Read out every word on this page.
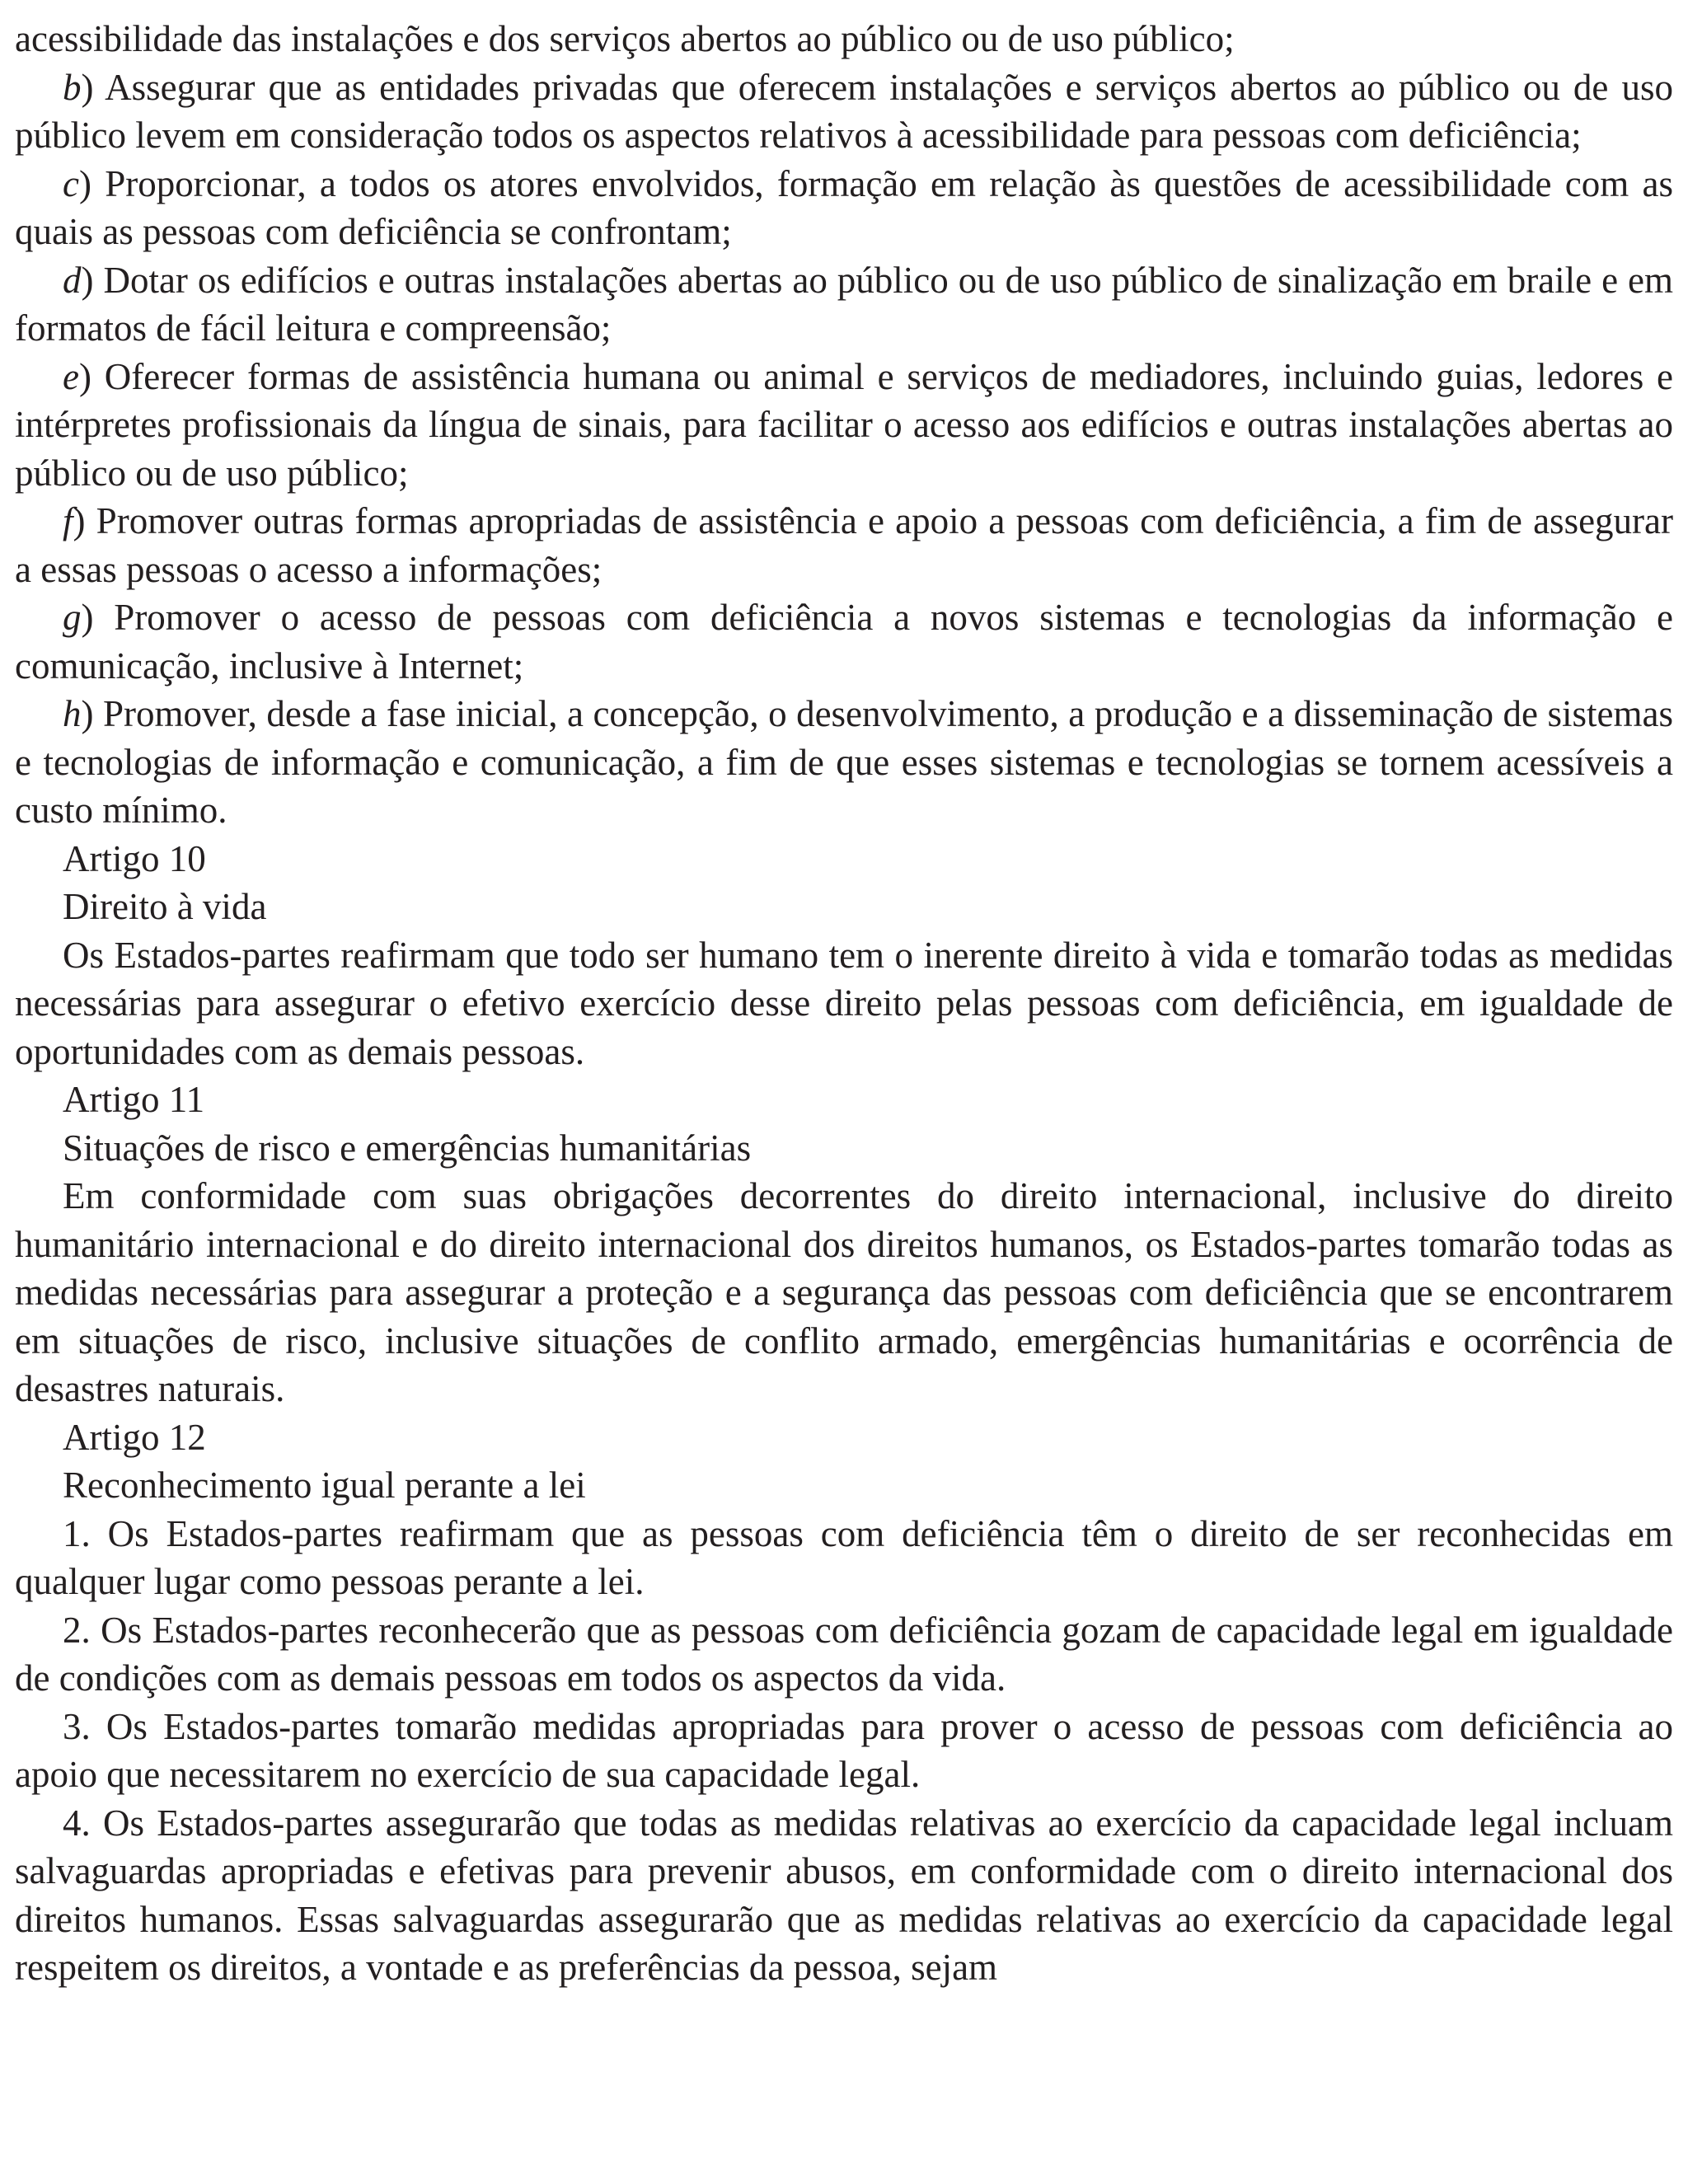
acessibilidade das instalações e dos serviços abertos ao público ou de uso público;

b) Assegurar que as entidades privadas que oferecem instalações e serviços abertos ao público ou de uso público levem em consideração todos os aspectos relativos à acessibilidade para pessoas com deficiência;

c) Proporcionar, a todos os atores envolvidos, formação em relação às questões de acessibilidade com as quais as pessoas com deficiência se confrontam;

d) Dotar os edifícios e outras instalações abertas ao público ou de uso público de sinalização em braile e em formatos de fácil leitura e compreensão;

e) Oferecer formas de assistência humana ou animal e serviços de mediadores, incluindo guias, ledores e intérpretes profissionais da língua de sinais, para facilitar o acesso aos edifícios e outras instalações abertas ao público ou de uso público;

f) Promover outras formas apropriadas de assistência e apoio a pessoas com deficiência, a fim de assegurar a essas pessoas o acesso a informações;

g) Promover o acesso de pessoas com deficiência a novos sistemas e tecnologias da informação e comunicação, inclusive à Internet;

h) Promover, desde a fase inicial, a concepção, o desenvolvimento, a produção e a disseminação de sistemas e tecnologias de informação e comunicação, a fim de que esses sistemas e tecnologias se tornem acessíveis a custo mínimo.

Artigo 10

Direito à vida

Os Estados-partes reafirmam que todo ser humano tem o inerente direito à vida e tomarão todas as medidas necessárias para assegurar o efetivo exercício desse direito pelas pessoas com deficiência, em igualdade de oportunidades com as demais pessoas.

Artigo 11

Situações de risco e emergências humanitárias

Em conformidade com suas obrigações decorrentes do direito internacional, inclusive do direito humanitário internacional e do direito internacional dos direitos humanos, os Estados-partes tomarão todas as medidas necessárias para assegurar a proteção e a segurança das pessoas com deficiência que se encontrarem em situações de risco, inclusive situações de conflito armado, emergências humanitárias e ocorrência de desastres naturais.

Artigo 12

Reconhecimento igual perante a lei

1. Os Estados-partes reafirmam que as pessoas com deficiência têm o direito de ser reconhecidas em qualquer lugar como pessoas perante a lei.

2. Os Estados-partes reconhecerão que as pessoas com deficiência gozam de capacidade legal em igualdade de condições com as demais pessoas em todos os aspectos da vida.

3. Os Estados-partes tomarão medidas apropriadas para prover o acesso de pessoas com deficiência ao apoio que necessitarem no exercício de sua capacidade legal.

4. Os Estados-partes assegurarão que todas as medidas relativas ao exercício da capacidade legal incluam salvaguardas apropriadas e efetivas para prevenir abusos, em conformidade com o direito internacional dos direitos humanos. Essas salvaguardas assegurarão que as medidas relativas ao exercício da capacidade legal respeitem os direitos, a vontade e as preferências da pessoa, sejam
